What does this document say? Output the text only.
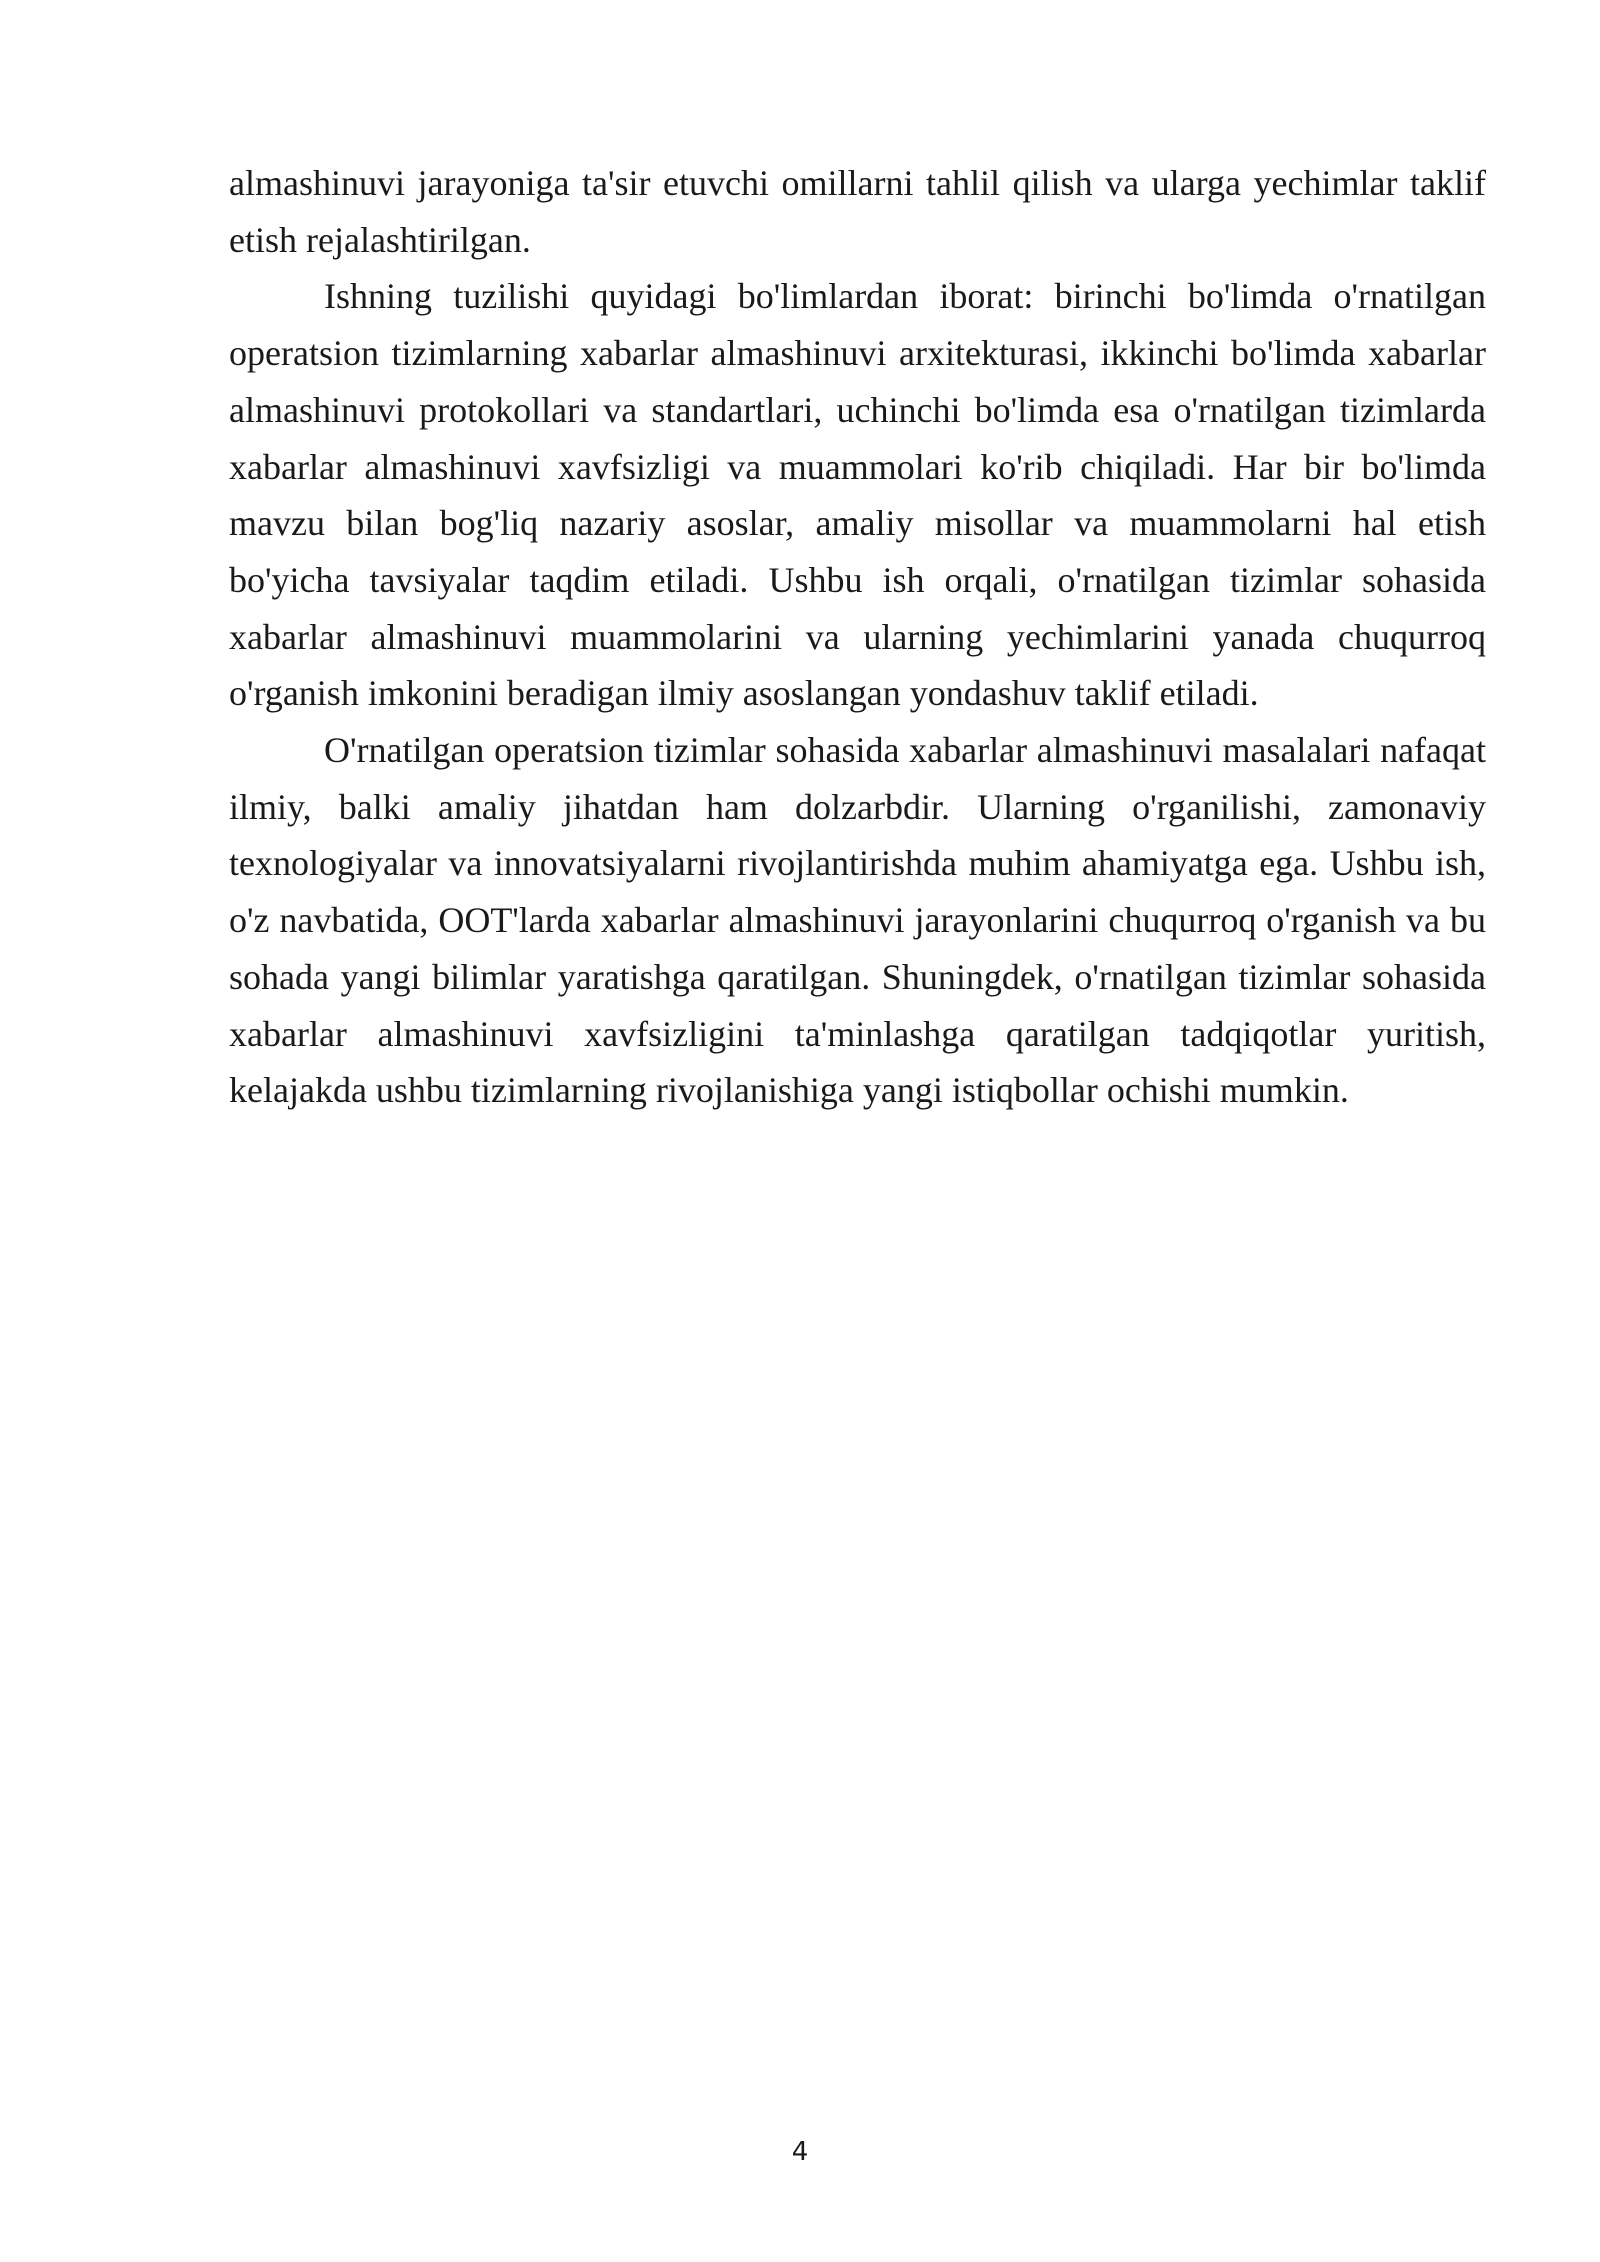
almashinuvi jarayoniga ta'sir etuvchi omillarni tahlil qilish va ularga yechimlar taklif etish rejalashtirilgan.

Ishning tuzilishi quyidagi bo'limlardan iborat: birinchi bo'limda o'rnatilgan operatsion tizimlarning xabarlar almashinuvi arxitekturasi, ikkinchi bo'limda xabarlar almashinuvi protokollari va standartlari, uchinchi bo'limda esa o'rnatilgan tizimlarda xabarlar almashinuvi xavfsizligi va muammolari ko'rib chiqiladi. Har bir bo'limda mavzu bilan bog'liq nazariy asoslar, amaliy misollar va muammolarni hal etish bo'yicha tavsiyalar taqdim etiladi. Ushbu ish orqali, o'rnatilgan tizimlar sohasida xabarlar almashinuvi muammolarini va ularning yechimlarini yanada chuqurroq o'rganish imkonini beradigan ilmiy asoslangan yondashuv taklif etiladi.

O'rnatilgan operatsion tizimlar sohasida xabarlar almashinuvi masalalari nafaqat ilmiy, balki amaliy jihatdan ham dolzarbdir. Ularning o'rganilishi, zamonaviy texnologiyalar va innovatsiyalarni rivojlantirishda muhim ahamiyatga ega. Ushbu ish, o'z navbatida, OOT'larda xabarlar almashinuvi jarayonlarini chuqurroq o'rganish va bu sohada yangi bilimlar yaratishga qaratilgan. Shuningdek, o'rnatilgan tizimlar sohasida xabarlar almashinuvi xavfsizligini ta'minlashga qaratilgan tadqiqotlar yuritish, kelajakda ushbu tizimlarning rivojlanishiga yangi istiqbollar ochishi mumkin.

4
